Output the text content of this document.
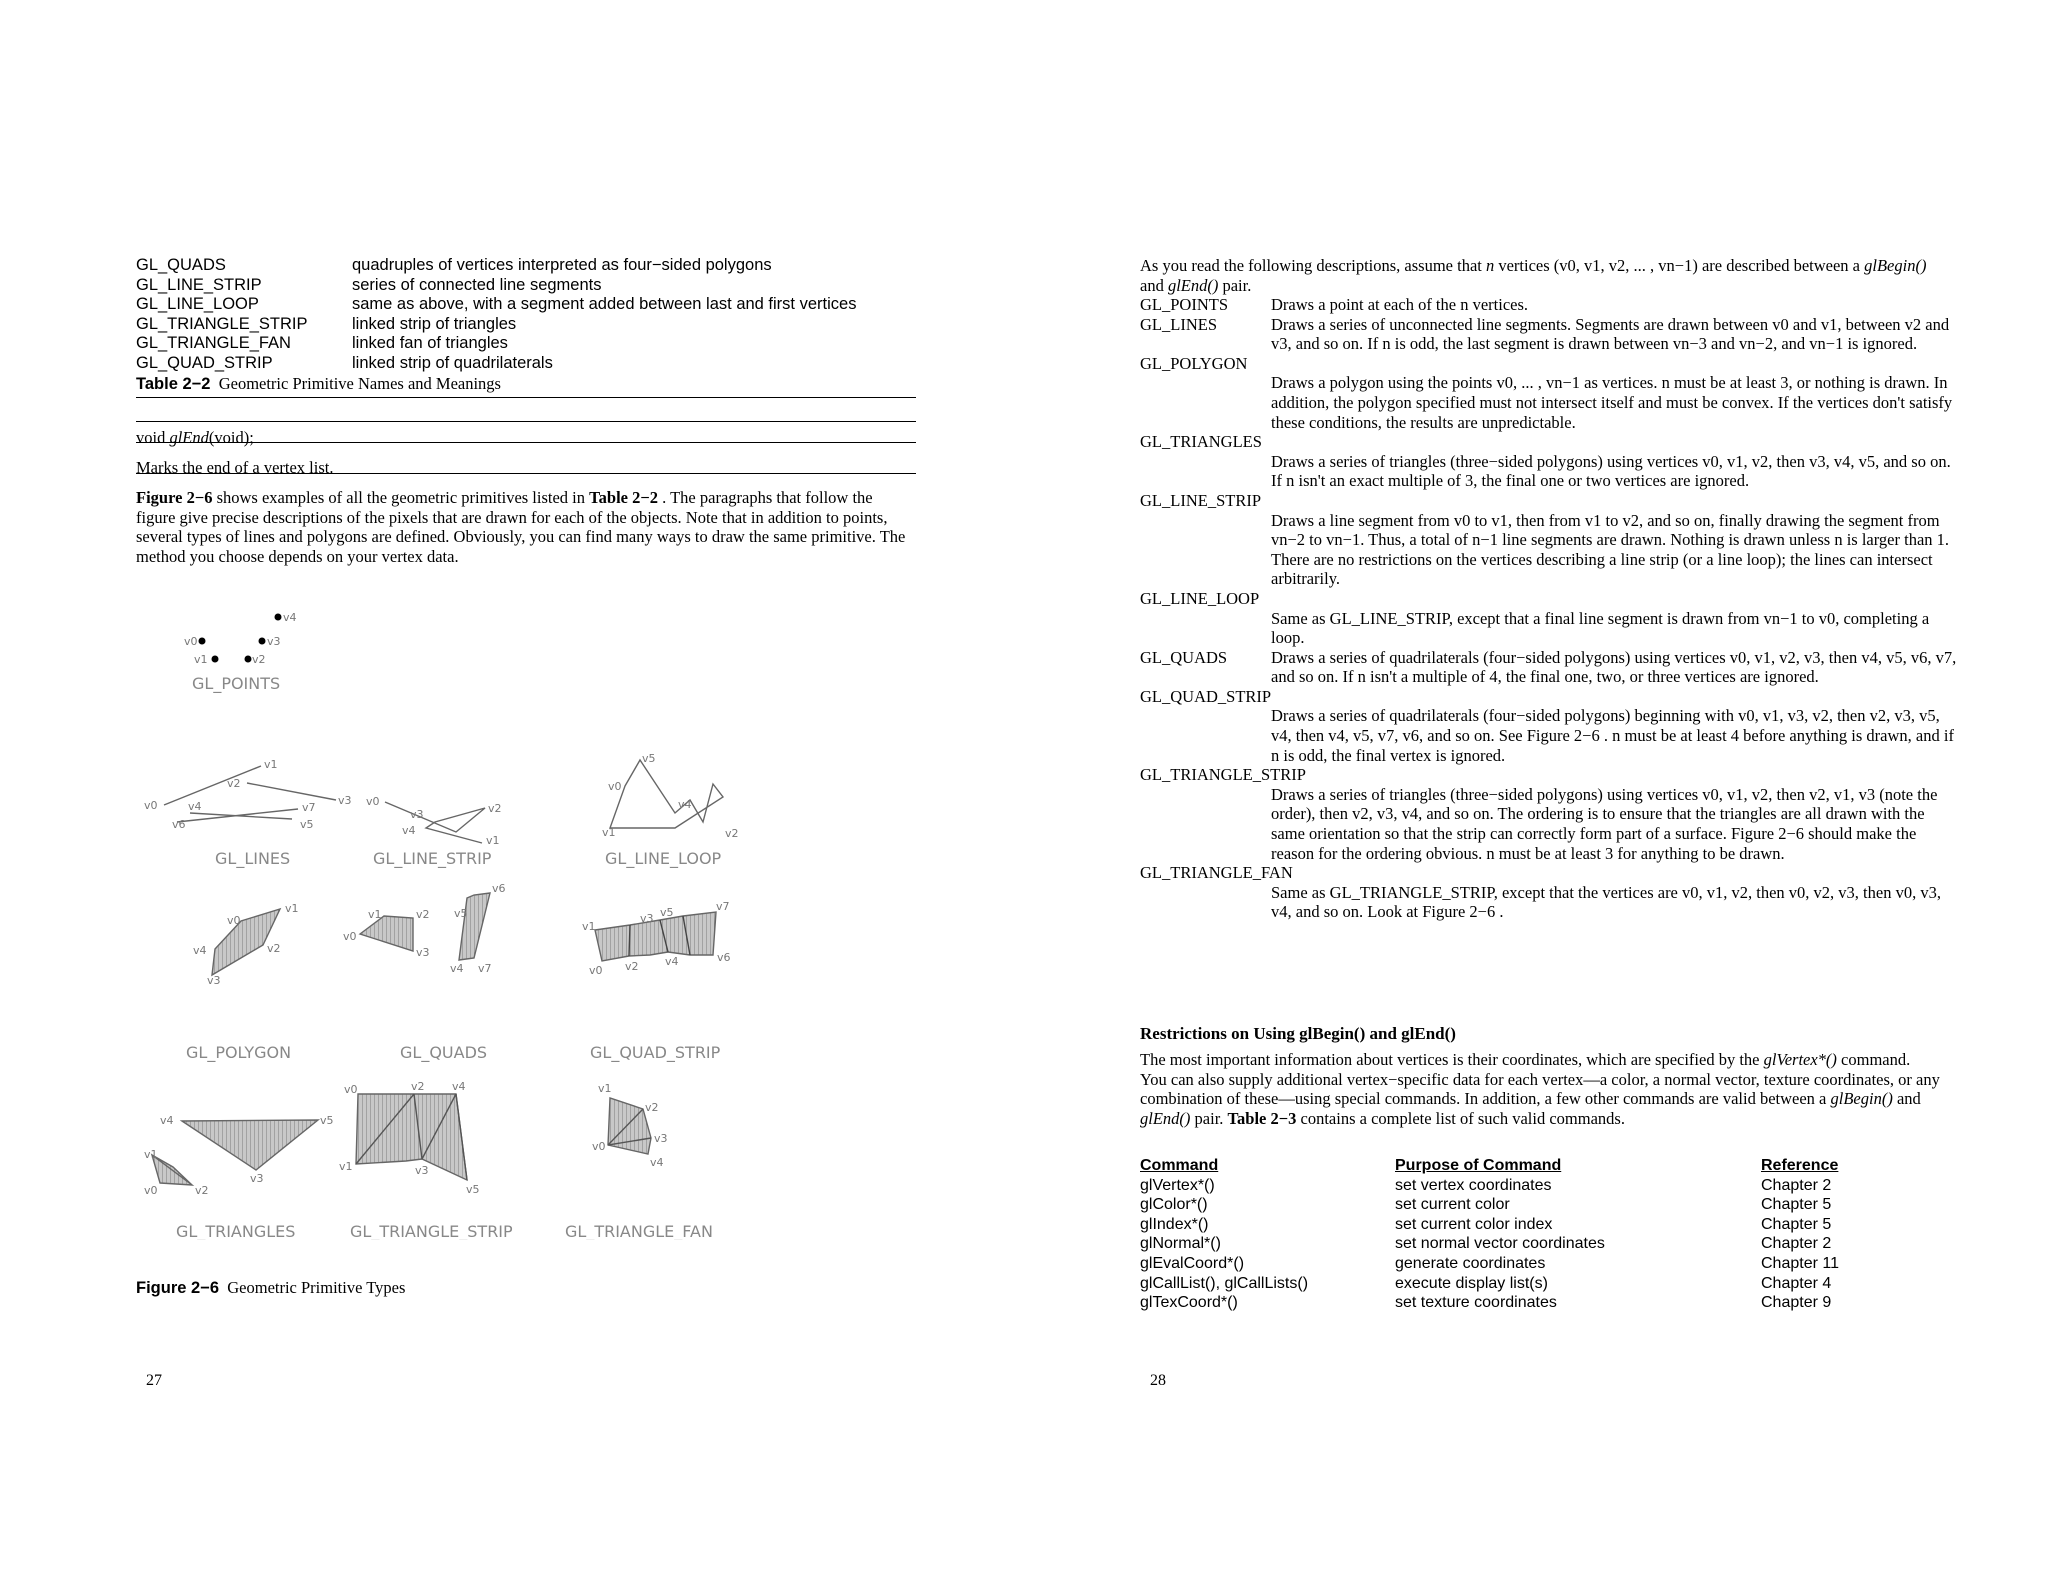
GL_QUADS	quadruples of vertices interpreted as four−sided polygons
GL_LINE_STRIP	series of connected line segments
GL_LINE_LOOP	same as above, with a segment added between last and first vertices
GL_TRIANGLE_STRIP	linked strip of triangles
GL_TRIANGLE_FAN	linked fan of triangles
GL_QUAD_STRIP	linked strip of quadrilaterals
Table 2−2 Geometric Primitive Names and Meanings
void glEnd(void);
Marks the end of a vertex list.

Figure 2−6 shows examples of all the geometric primitives listed in Table 2−2 . The paragraphs that follow the figure give precise descriptions of the pixels that are drawn for each of the objects. Note that in addition to points, several types of lines and polygons are defined. Obviously, you can find many ways to draw the same primitive. The method you choose depends on your vertex data.

v0
v1	v2
v3
v4
GL_POINTS
v0
v1
v2
v3
v4
v5
v6
v7
GL_LINES
v0
v1
v2
v3
v4
GL_LINE_STRIP
v0
v1	v2
v5
v4
GL_LINE_LOOP
v4
v3
v2
v1
v0
GL_POLYGON
v0
v1	v2
v3
v4 v7
v5
v6
GL_QUADS
v1
v0
v3 v5
v2 v4	v6
v7
GL_QUAD_STRIP
v4	v5
v3
v1
v0	v2
GL_TRIANGLES
v0	v2 v4
v1	v3
v5
GL_TRIANGLE_STRIP
v1
v2
v3
v4
v0
GL_TRIANGLE_FAN
Figure 2−6 Geometric Primitive Types
27

As you read the following descriptions, assume that n vertices (v0, v1, v2, ... , vn−1) are described between a glBegin() and glEnd() pair.

GL_POINTS	Draws a point at each of the n vertices.
GL_LINES	Draws a series of unconnected line segments. Segments are drawn between v0 and v1, between v2 and v3, and so on. If n is odd, the last segment is drawn between vn−3 and vn−2, and vn−1 is ignored.
GL_POLYGON
Draws a polygon using the points v0, ... , vn−1 as vertices. n must be at least 3, or nothing is drawn. In addition, the polygon specified must not intersect itself and must be convex. If the vertices don't satisfy these conditions, the results are unpredictable.
GL_TRIANGLES
Draws a series of triangles (three−sided polygons) using vertices v0, v1, v2, then v3, v4, v5, and so on. If n isn't an exact multiple of 3, the final one or two vertices are ignored.
GL_LINE_STRIP
Draws a line segment from v0 to v1, then from v1 to v2, and so on, finally drawing the segment from vn−2 to vn−1. Thus, a total of n−1 line segments are drawn. Nothing is drawn unless n is larger than 1. There are no restrictions on the vertices describing a line strip (or a line loop); the lines can intersect arbitrarily.
GL_LINE_LOOP
Same as GL_LINE_STRIP, except that a final line segment is drawn from vn−1 to v0, completing a loop.
GL_QUADS	Draws a series of quadrilaterals (four−sided polygons) using vertices v0, v1, v2, v3, then v4, v5, v6, v7, and so on. If n isn't a multiple of 4, the final one, two, or three vertices are ignored.
GL_QUAD_STRIP
Draws a series of quadrilaterals (four−sided polygons) beginning with v0, v1, v3, v2, then v2, v3, v5, v4, then v4, v5, v7, v6, and so on. See Figure 2−6 . n must be at least 4 before anything is drawn, and if n is odd, the final vertex is ignored.
GL_TRIANGLE_STRIP
Draws a series of triangles (three−sided polygons) using vertices v0, v1, v2, then v2, v1, v3 (note the order), then v2, v3, v4, and so on. The ordering is to ensure that the triangles are all drawn with the same orientation so that the strip can correctly form part of a surface. Figure 2−6 should make the reason for the ordering obvious. n must be at least 3 for anything to be drawn.
GL_TRIANGLE_FAN
Same as GL_TRIANGLE_STRIP, except that the vertices are v0, v1, v2, then v0, v2, v3, then v0, v3, v4, and so on. Look at Figure 2−6 .
Restrictions on Using glBegin() and glEnd()

The most important information about vertices is their coordinates, which are specified by the glVertex*() command. You can also supply additional vertex−specific data for each vertex—a color, a normal vector, texture coordinates, or any combination of these—using special commands. In addition, a few other commands are valid between a glBegin() and glEnd() pair. Table 2−3 contains a complete list of such valid commands.

Command	Purpose of Command	Reference
glVertex*()	set vertex coordinates	Chapter 2
glColor*()	set current color	Chapter 5
glIndex*()	set current color index	Chapter 5
glNormal*()	set normal vector coordinates	Chapter 2
glEvalCoord*()	generate coordinates	Chapter 11
glCallList(), glCallLists()	execute display list(s)	Chapter 4
glTexCoord*()	set texture coordinates	Chapter 9
28
